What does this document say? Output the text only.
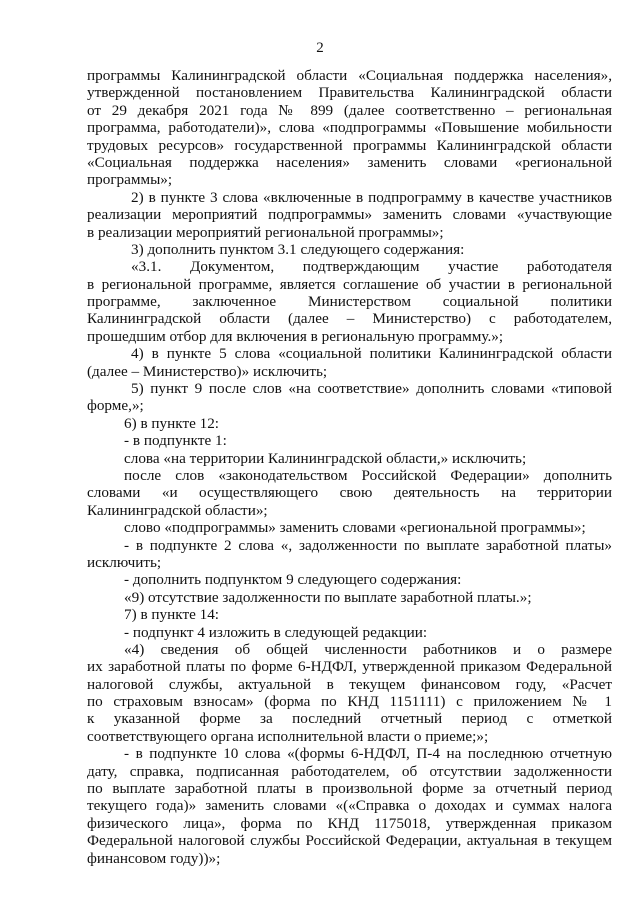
2
программы Калининградской области «Социальная поддержка населения»,
утвержденной постановлением Правительства Калининградской области
от 29 декабря 2021 года № 899 (далее соответственно – региональная
программа, работодатели)», слова «подпрограммы «Повышение мобильности
трудовых ресурсов» государственной программы Калининградской области
«Социальная поддержка населения» заменить словами «региональной
программы»;
2) в пункте 3 слова «включенные в подпрограмму в качестве участников
реализации мероприятий подпрограммы» заменить словами «участвующие
в реализации мероприятий региональной программы»;
3) дополнить пунктом 3.1 следующего содержания:
«3.1. Документом, подтверждающим участие работодателя
в региональной программе, является соглашение об участии в региональной
программе, заключенное Министерством социальной политики
Калининградской области (далее – Министерство) с работодателем,
прошедшим отбор для включения в региональную программу.»;
4) в пункте 5 слова «социальной политики Калининградской области
(далее – Министерство)» исключить;
5) пункт 9 после слов «на соответствие» дополнить словами «типовой
форме,»;
6) в пункте 12:
- в подпункте 1:
слова «на территории Калининградской области,» исключить;
после слов «законодательством Российской Федерации» дополнить
словами «и осуществляющего свою деятельность на территории
Калининградской области»;
слово «подпрограммы» заменить словами «региональной программы»;
- в подпункте 2 слова «, задолженности по выплате заработной платы»
исключить;
- дополнить подпунктом 9 следующего содержания:
«9) отсутствие задолженности по выплате заработной платы.»;
7) в пункте 14:
- подпункт 4 изложить в следующей редакции:
«4) сведения об общей численности работников и о размере
их заработной платы по форме 6-НДФЛ, утвержденной приказом Федеральной
налоговой службы, актуальной в текущем финансовом году, «Расчет
по страховым взносам» (форма по КНД 1151111) с приложением № 1
к указанной форме за последний отчетный период с отметкой
соответствующего органа исполнительной власти о приеме;»;
- в подпункте 10 слова «(формы 6-НДФЛ, П-4 на последнюю отчетную
дату, справка, подписанная работодателем, об отсутствии задолженности
по выплате заработной платы в произвольной форме за отчетный период
текущего года)» заменить словами «(«Справка о доходах и суммах налога
физического лица», форма по КНД 1175018, утвержденная приказом
Федеральной налоговой службы Российской Федерации, актуальная в текущем
финансовом году))»;
